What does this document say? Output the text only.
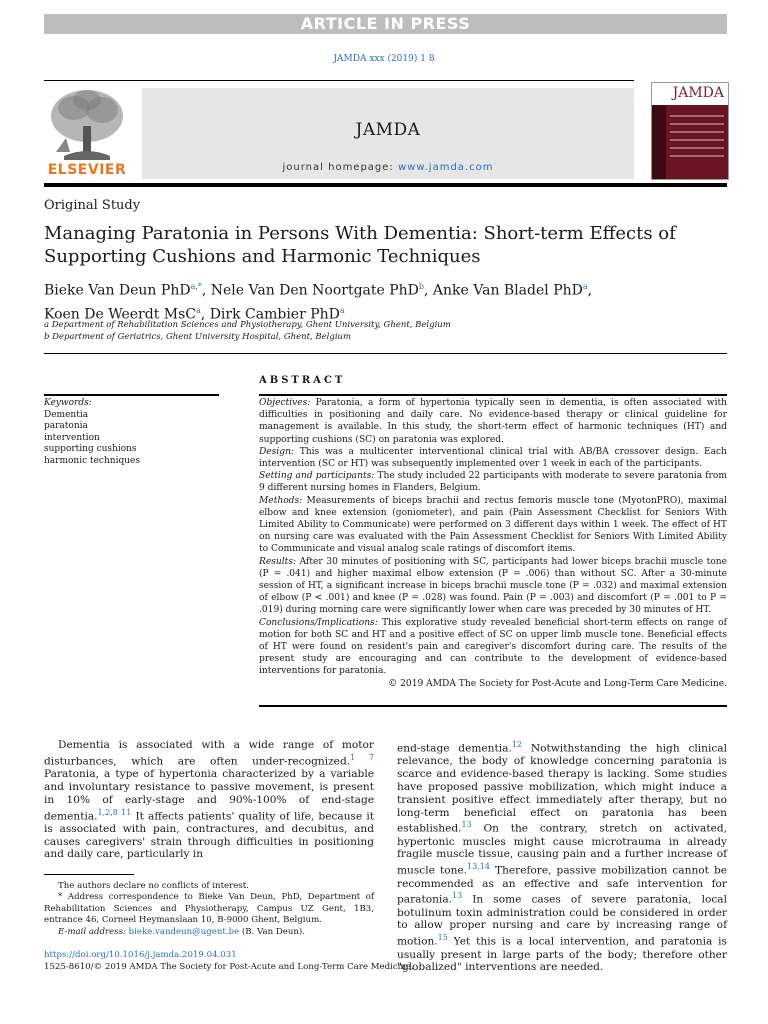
ARTICLE IN PRESS
JAMDA xxx (2019) 1 8
ELSEVIER
JAMDA
journal homepage: www.jamda.com
JAMDA
Original Study
Managing Paratonia in Persons With Dementia: Short-term Effects of Supporting Cushions and Harmonic Techniques
Bieke Van Deun PhD$^{a,*}$, Nele Van Den Noortgate PhD$^b$, Anke Van Bladel PhD$^a$,
Koen De Weerdt MsC$^a$, Dirk Cambier PhD$^a$
a Department of Rehabilitation Sciences and Physiotherapy, Ghent University, Ghent, Belgium
b Department of Geriatrics, Ghent University Hospital, Ghent, Belgium
Keywords:
Dementia
paratonia
intervention
supporting cushions
harmonic techniques
ABSTRACT

Objectives: Paratonia, a form of hypertonia typically seen in dementia, is often associated with difficulties in positioning and daily care. No evidence-based therapy or clinical guideline for management is available. In this study, the short-term effect of harmonic techniques (HT) and supporting cushions (SC) on paratonia was explored.

Design: This was a multicenter interventional clinical trial with AB/BA crossover design. Each intervention (SC or HT) was subsequently implemented over 1 week in each of the participants.

Setting and participants: The study included 22 participants with moderate to severe paratonia from 9 different nursing homes in Flanders, Belgium.

Methods: Measurements of biceps brachii and rectus femoris muscle tone (MyotonPRO), maximal elbow and knee extension (goniometer), and pain (Pain Assessment Checklist for Seniors With Limited Ability to Communicate) were performed on 3 different days within 1 week. The effect of HT on nursing care was evaluated with the Pain Assessment Checklist for Seniors With Limited Ability to Communicate and visual analog scale ratings of discomfort items.

Results: After 30 minutes of positioning with SC, participants had lower biceps brachii muscle tone (P = .041) and higher maximal elbow extension (P = .006) than without SC. After a 30-minute session of HT, a significant increase in biceps brachii muscle tone (P = .032) and maximal extension of elbow (P < .001) and knee (P = .028) was found. Pain (P = .003) and discomfort (P = .001 to P = .019) during morning care were significantly lower when care was preceded by 30 minutes of HT.

Conclusions/Implications: This explorative study revealed beneficial short-term effects on range of motion for both SC and HT and a positive effect of SC on upper limb muscle tone. Beneficial effects of HT were found on resident's pain and caregiver's discomfort during care. The results of the present study are encouraging and can contribute to the development of evidence-based interventions for paratonia.

© 2019 AMDA The Society for Post-Acute and Long-Term Care Medicine.

Dementia is associated with a wide range of motor disturbances, which are often under-recognized.$^{1 7}$ Paratonia, a type of hypertonia characterized by a variable and involuntary resistance to passive movement, is present in 10% of early-stage and 90%-100% of end-stage dementia.$^{1,2,8 11}$ It affects patients' quality of life, because it is associated with pain, contractures, and decubitus, and causes caregivers' strain through difficulties in positioning and daily care, particularly in

end-stage dementia.$^{12}$ Notwithstanding the high clinical relevance, the body of knowledge concerning paratonia is scarce and evidence-based therapy is lacking. Some studies have proposed passive mobilization, which might induce a transient positive effect immediately after therapy, but no long-term beneficial effect on paratonia has been established.$^{13}$ On the contrary, stretch on activated, hypertonic muscles might cause microtrauma in already fragile muscle tissue, causing pain and a further increase of muscle tone.$^{13,14}$ Therefore, passive mobilization cannot be recommended as an effective and safe intervention for paratonia.$^{13}$ In some cases of severe paratonia, local botulinum toxin administration could be considered in order to allow proper nursing and care by increasing range of motion.$^{15}$ Yet this is a local intervention, and paratonia is usually present in large parts of the body; therefore other "globalized" interventions are needed.

The authors declare no conflicts of interest.

* Address correspondence to Bieke Van Deun, PhD, Department of Rehabilitation Sciences and Physiotherapy, Campus UZ Gent, 1B3, entrance 46, Corneel Heymanslaan 10, B-9000 Ghent, Belgium.

E-mail address: bieke.vandeun@ugent.be (B. Van Deun).

https://doi.org/10.1016/j.jamda.2019.04.031
1525-8610/© 2019 AMDA The Society for Post-Acute and Long-Term Care Medicine.
